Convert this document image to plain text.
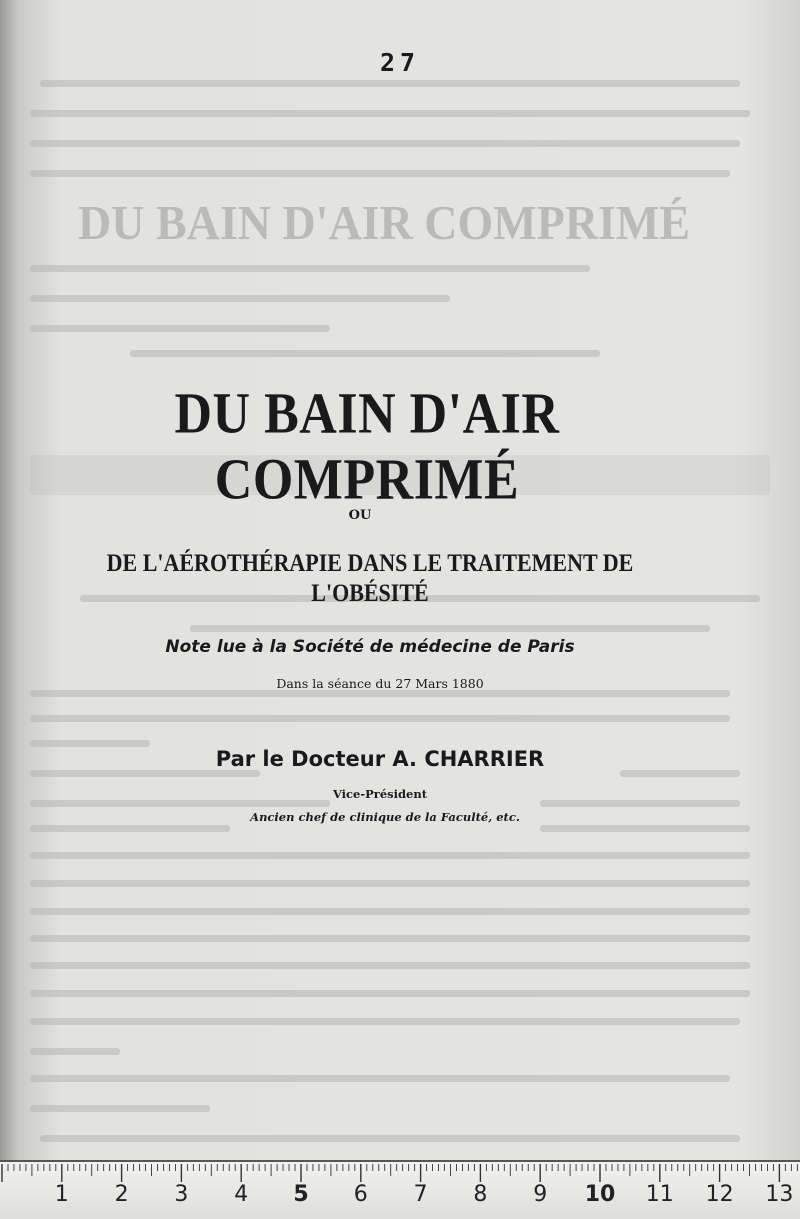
DU BAIN D'AIR COMPRIMÉ
27
DU BAIN D'AIR COMPRIMÉ
OU
DE L'AÉROTHÉRAPIE DANS LE TRAITEMENT DE L'OBÉSITÉ
Note lue à la Société de médecine de Paris
Dans la séance du 27 Mars 1880
Par le Docteur A. CHARRIER
Vice-Président
Ancien chef de clinique de la Faculté, etc.
1 2 3 4 5 6 7 8 9 10 11 12 13
